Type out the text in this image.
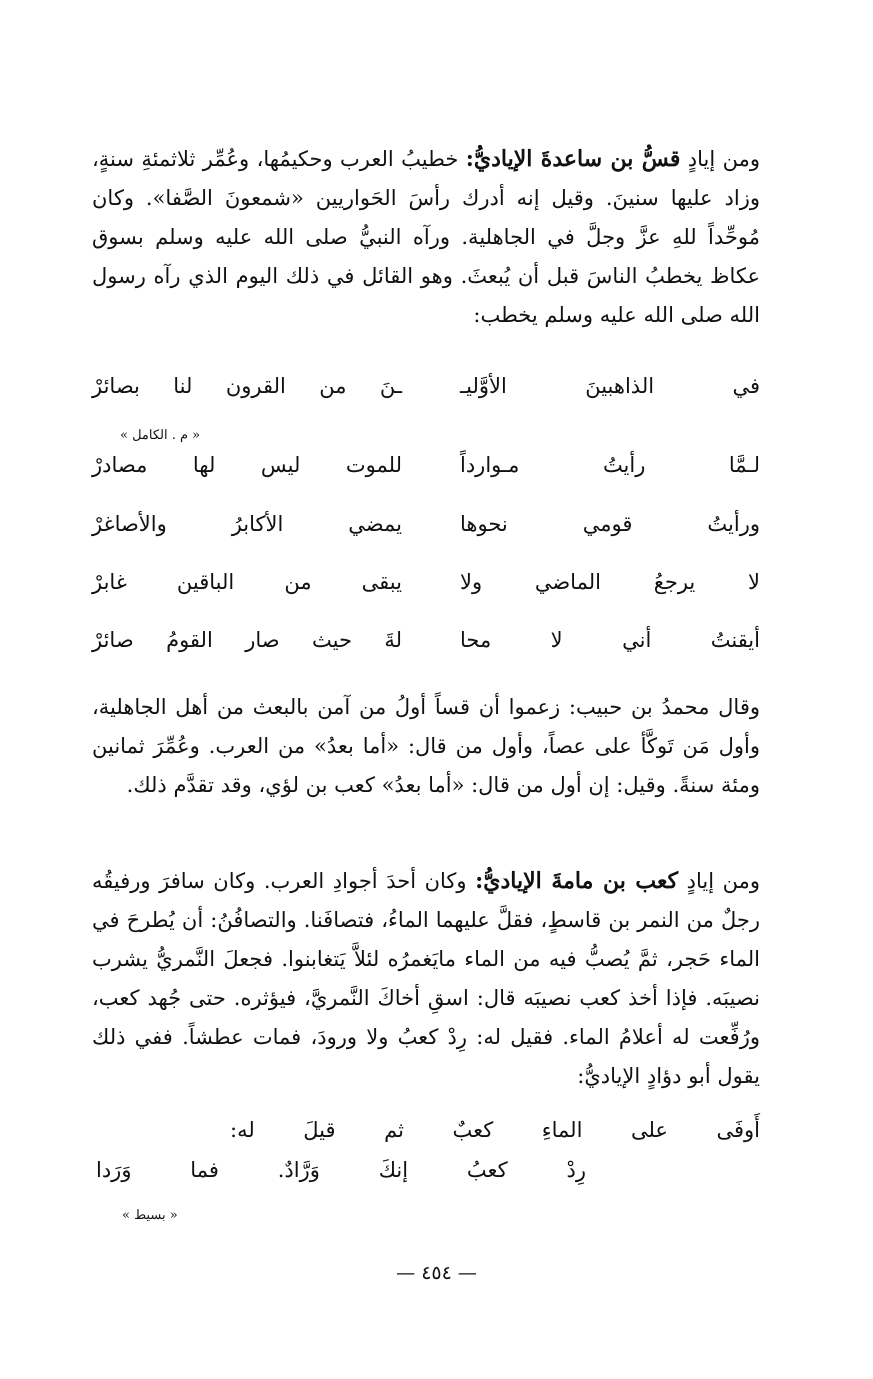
ومن إيادٍ قسُّ بن ساعدةَ الإياديُّ: خطيبُ العرب وحكيمُها، وعُمِّر ثلاثمئةِ سنةٍ، وزاد عليها سنينَ. وقيل إنه أدرك رأسَ الحَواريين «شمعونَ الصَّفا». وكان مُوحِّداً للهِ عزَّ وجلَّ في الجاهلية. ورآه النبيُّ صلى الله عليه وسلم بسوق عكاظ يخطبُ الناسَ قبل أن يُبعثَ. وهو القائل في ذلك اليوم الذي رآه رسول الله صلى الله عليه وسلم يخطب:

في الذاهبينَ الأوَّليـ
ـنَ من القرون لنا بصائرْ
« م . الكامل »
لـمَّا رأيتُ مـوارداً
للموت ليس لها مصادرْ
ورأيتُ قومي نحوها
يمضي الأكابرُ والأصاغرْ
لا يرجعُ الماضي ولا
يبقى من الباقين غابرْ
أيقنتُ أني لا محا
لةَ حيث صار القومُ صائرْ

وقال محمدُ بن حبيب: زعموا أن قساً أولُ من آمن بالبعث من أهل الجاهلية، وأول مَن تَوكَّأ على عصاً، وأول من قال: «أما بعدُ» من العرب. وعُمِّرَ ثمانين ومئة سنةً. وقيل: إن أول من قال: «أما بعدُ» كعب بن لؤي، وقد تقدَّم ذلك.

ومن إيادٍ كعب بن مامةَ الإياديُّ: وكان أحدَ أجوادِ العرب. وكان سافرَ ورفيقُه رجلٌ من النمر بن قاسطٍ، فقلَّ عليهما الماءُ، فتصافَنا. والتصافُنُ: أن يُطرحَ في الماء حَجر، ثمَّ يُصبُّ فيه من الماء مايَغمرُه لئلاَّ يَتغابنوا. فجعلَ النَّمريُّ يشرب نصيبَه. فإذا أخذ كعب نصيبَه قال: اسقِ أخاكَ النَّمريَّ، فيؤثره. حتى جُهد كعب، ورُفِّعت له أعلامُ الماء. فقيل له: رِدْ كعبُ ولا ورودَ، فمات عطشاً. ففي ذلك يقول أبو دؤادٍ الإياديُّ:

أَوفَى على الماءِ كعبٌ ثم قيلَ له:
رِدْ كعبُ إنكَ وَرَّادٌ. فما وَرَدا
« بسيط »
— ٤٥٤ —
